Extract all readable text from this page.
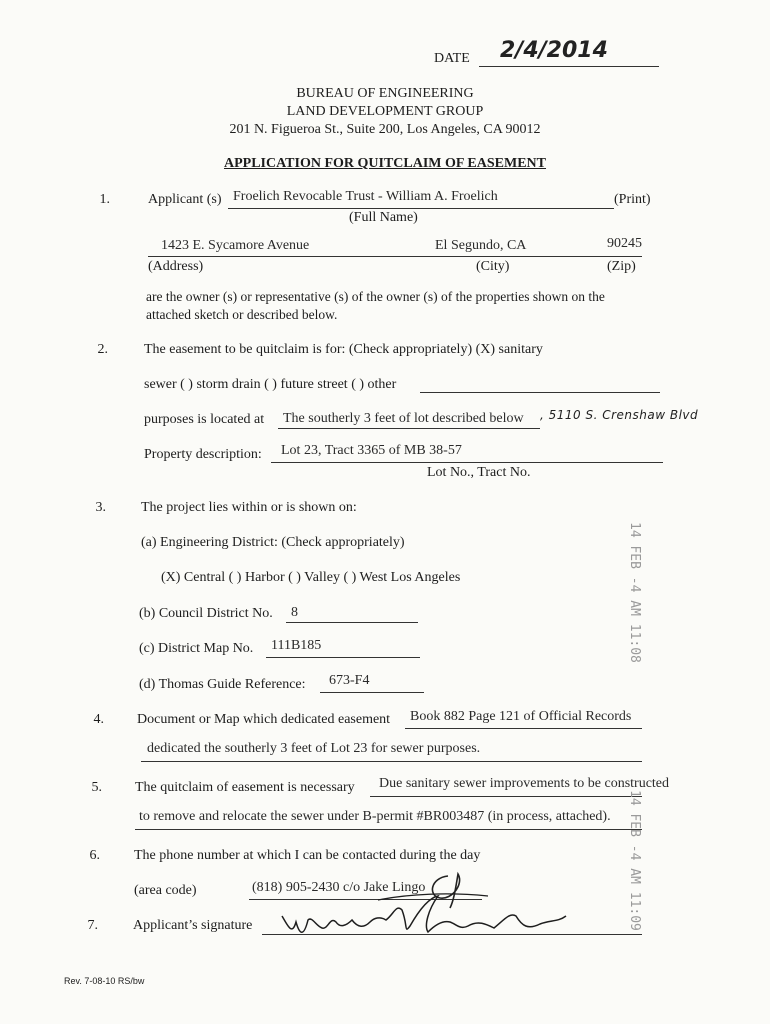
DATE 2/4/2014
BUREAU OF ENGINEERING
LAND DEVELOPMENT GROUP
201 N. Figueroa St., Suite 200, Los Angeles, CA 90012
APPLICATION FOR QUITCLAIM OF EASEMENT
1.	Applicant (s) Froelich Revocable Trust - William A. Froelich	(Print)
(Full Name)
1423 E. Sycamore Avenue	El Segundo, CA	90245
(Address)	(City)	(Zip)
are the owner (s) or representative (s) of the owner (s) of the properties shown on the
attached sketch or described below.
2.	The easement to be quitclaim is for: (Check appropriately) (X) sanitary
sewer ( ) storm drain ( ) future street ( ) other
purposes is located at The southerly 3 feet of lot described below , 5110 S. Crenshaw Blvd
Property description: Lot 23, Tract 3365 of MB 38-57
Lot No., Tract No.
3.	The project lies within or is shown on:
(a) Engineering District: (Check appropriately)
(X) Central ( ) Harbor ( ) Valley ( ) West Los Angeles
(b) Council District No. 8
(c) District Map No. 111B185
(d) Thomas Guide Reference: 673-F4
4. Document or Map which dedicated easement Book 882 Page 121 of Official Records
dedicated the southerly 3 feet of Lot 23 for sewer purposes.
5. The quitclaim of easement is necessary Due sanitary sewer improvements to be constructed
to remove and relocate the sewer under B-permit #BR003487 (in process, attached).
6. The phone number at which I can be contacted during the day
(area code)	(818) 905-2430 c/o Jake Lingo
7.	Applicant’s signature
Rev. 7-08-10 RS/bw
14 FEB -4 AM 11:08
14 FEB -4 AM 11:09
